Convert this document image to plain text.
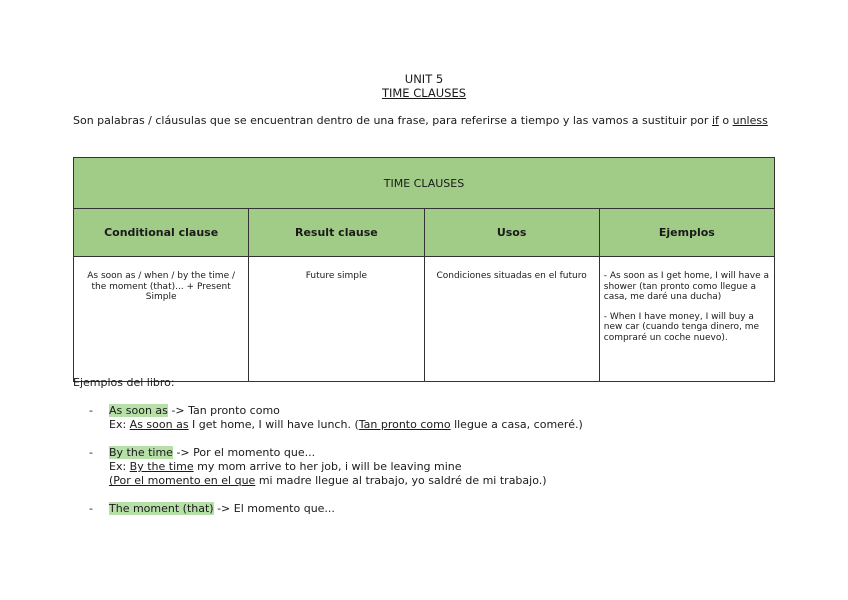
UNIT 5
TIME CLAUSES
Son palabras / cláusulas que se encuentran dentro de una frase, para referirse a tiempo y las vamos a sustituir por if o unless
TIME CLAUSES			
Conditional clause	Result clause	Usos	Ejemplos
As soon as / when / by the time / the moment (that)... + Present Simple	Future simple	Condiciones situadas en el futuro	- As soon as I get home, I will have a shower (tan pronto como llegue a casa, me daré una ducha)

- When I have money, I will buy a new car (cuando tenga dinero, me compraré un coche nuevo).

Ejemplos del libro:
- As soon as -> Tan pronto como
Ex: As soon as I get home, I will have lunch. (Tan pronto como llegue a casa, comeré.)
- By the time -> Por el momento que...
Ex: By the time my mom arrive to her job, i will be leaving mine
(Por el momento en el que mi madre llegue al trabajo, yo saldré de mi trabajo.)
- The moment (that) -> El momento que...
